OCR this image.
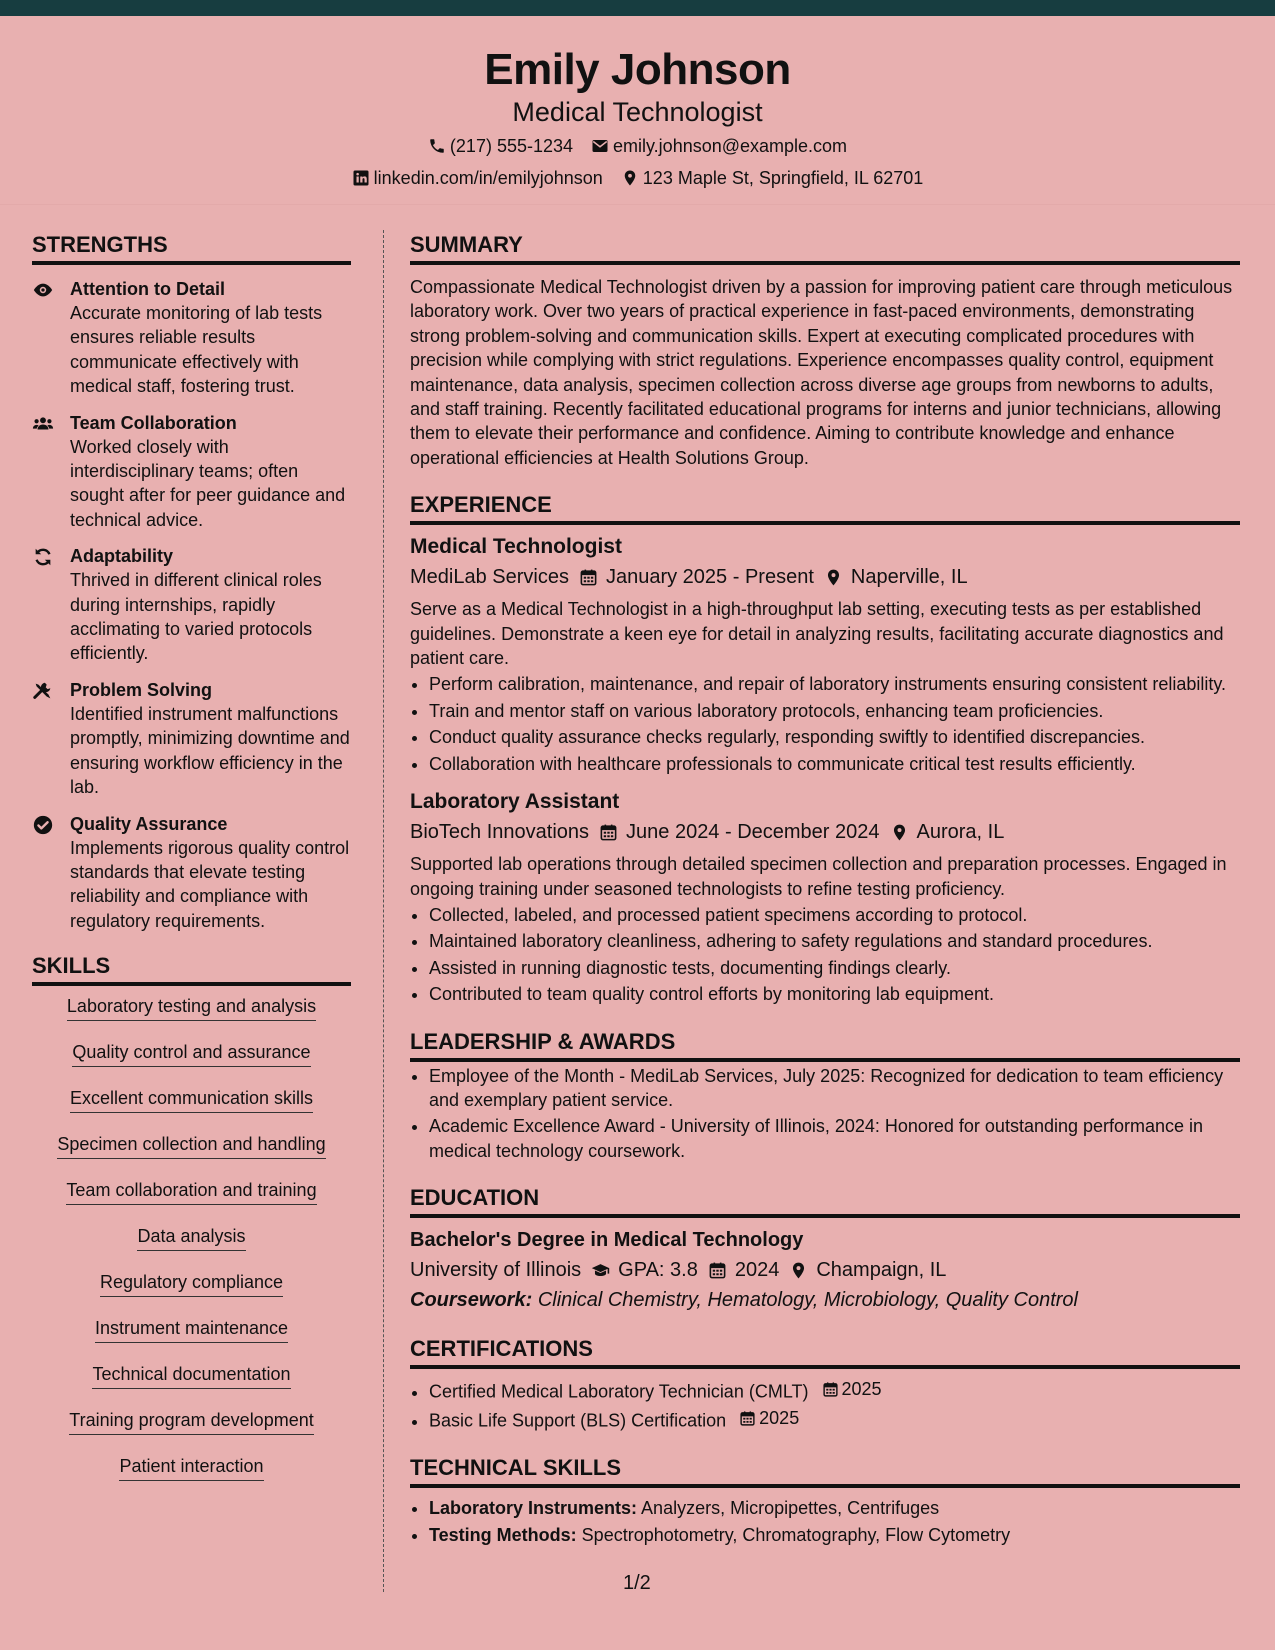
Emily Johnson
Medical Technologist
(217) 555-1234 emily.johnson@example.com
linkedin.com/in/emilyjohnson 123 Maple St, Springfield, IL 62701
STRENGTHS
Attention to Detail
Accurate monitoring of lab tests ensures reliable results communicate effectively with medical staff, fostering trust.
Team Collaboration
Worked closely with interdisciplinary teams; often sought after for peer guidance and technical advice.
Adaptability
Thrived in different clinical roles during internships, rapidly acclimating to varied protocols efficiently.
Problem Solving
Identified instrument malfunctions promptly, minimizing downtime and ensuring workflow efficiency in the lab.
Quality Assurance
Implements rigorous quality control standards that elevate testing reliability and compliance with regulatory requirements.
SKILLS
Laboratory testing and analysis
Quality control and assurance
Excellent communication skills
Specimen collection and handling
Team collaboration and training
Data analysis
Regulatory compliance
Instrument maintenance
Technical documentation
Training program development
Patient interaction
SUMMARY
Compassionate Medical Technologist driven by a passion for improving patient care through meticulous laboratory work. Over two years of practical experience in fast-paced environments, demonstrating strong problem-solving and communication skills. Expert at executing complicated procedures with precision while complying with strict regulations. Experience encompasses quality control, equipment maintenance, data analysis, specimen collection across diverse age groups from newborns to adults, and staff training. Recently facilitated educational programs for interns and junior technicians, allowing them to elevate their performance and confidence. Aiming to contribute knowledge and enhance operational efficiencies at Health Solutions Group.
EXPERIENCE
Medical Technologist
MediLab Services January 2025 - Present Naperville, IL
Serve as a Medical Technologist in a high-throughput lab setting, executing tests as per established guidelines. Demonstrate a keen eye for detail in analyzing results, facilitating accurate diagnostics and patient care.
• Perform calibration, maintenance, and repair of laboratory instruments ensuring consistent reliability.
• Train and mentor staff on various laboratory protocols, enhancing team proficiencies.
• Conduct quality assurance checks regularly, responding swiftly to identified discrepancies.
• Collaboration with healthcare professionals to communicate critical test results efficiently.
Laboratory Assistant
BioTech Innovations June 2024 - December 2024 Aurora, IL
Supported lab operations through detailed specimen collection and preparation processes. Engaged in ongoing training under seasoned technologists to refine testing proficiency.
• Collected, labeled, and processed patient specimens according to protocol.
• Maintained laboratory cleanliness, adhering to safety regulations and standard procedures.
• Assisted in running diagnostic tests, documenting findings clearly.
• Contributed to team quality control efforts by monitoring lab equipment.
LEADERSHIP & AWARDS
• Employee of the Month - MediLab Services, July 2025: Recognized for dedication to team efficiency and exemplary patient service.
• Academic Excellence Award - University of Illinois, 2024: Honored for outstanding performance in medical technology coursework.
EDUCATION
Bachelor's Degree in Medical Technology
University of Illinois GPA: 3.8 2024 Champaign, IL
Coursework: Clinical Chemistry, Hematology, Microbiology, Quality Control
CERTIFICATIONS
• Certified Medical Laboratory Technician (CMLT) 2025
• Basic Life Support (BLS) Certification 2025
TECHNICAL SKILLS
• Laboratory Instruments: Analyzers, Micropipettes, Centrifuges
• Testing Methods: Spectrophotometry, Chromatography, Flow Cytometry
1/2
